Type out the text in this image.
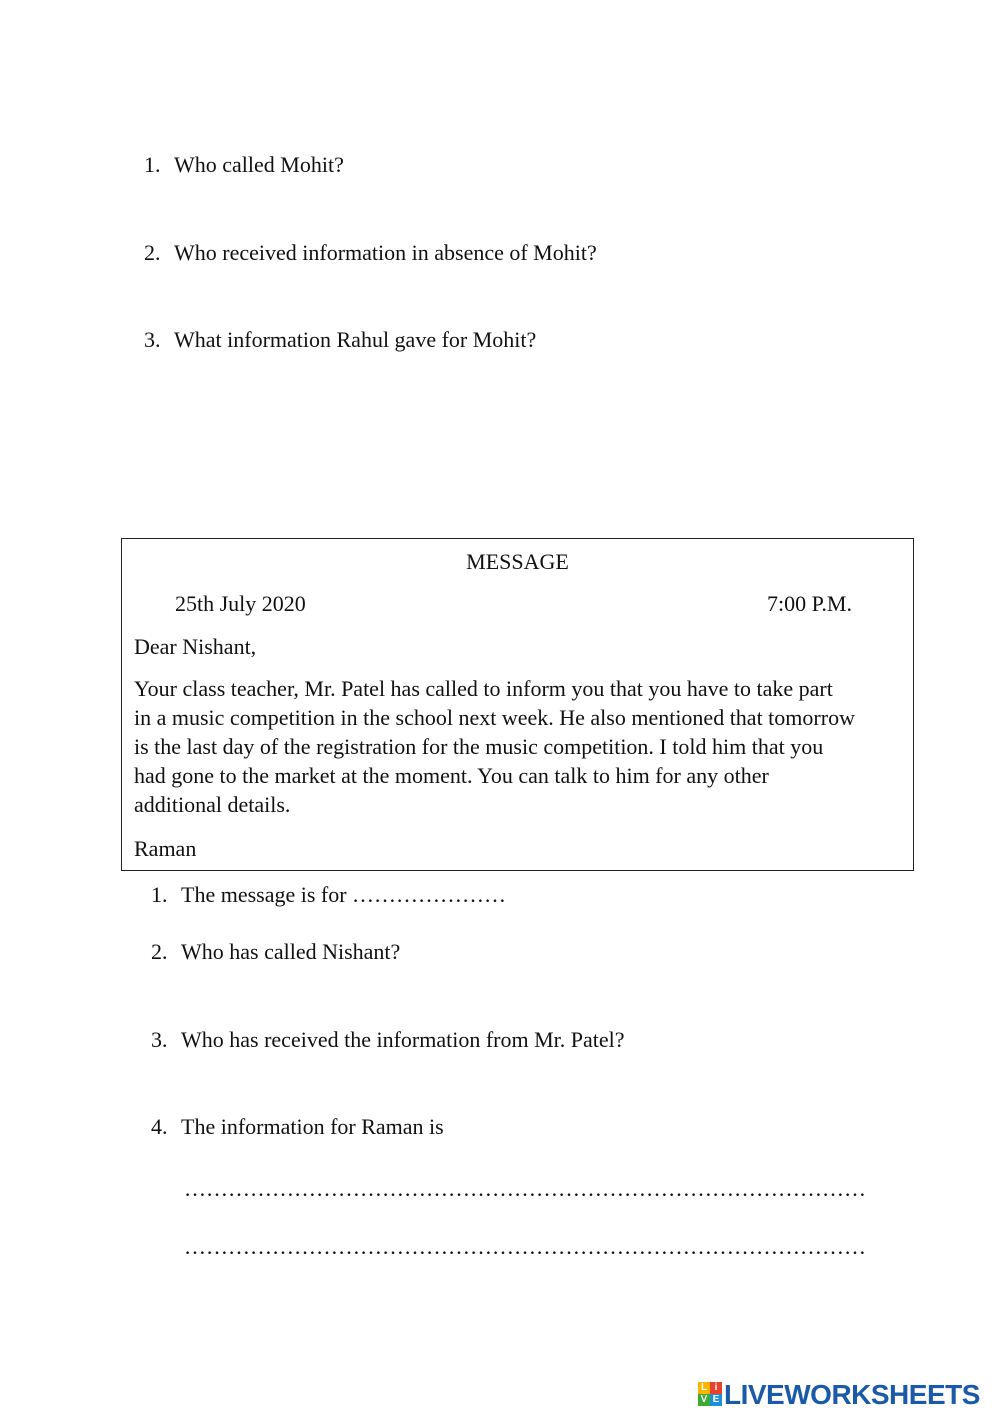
1. Who called Mohit?
2. Who received information in absence of Mohit?
3. What information Rahul gave for Mohit?
MESSAGE
25th July 2020	7:00 P.M.
Dear Nishant,
Your class teacher, Mr. Patel has called to inform you that you have to take part
in a music competition in the school next week. He also mentioned that tomorrow
is the last day of the registration for the music competition. I told him that you
had gone to the market at the moment. You can talk to him for any other
additional details.
Raman
1. The message is for …………………
2. Who has called Nishant?
3. Who has received the information from Mr. Patel?
4. The information for Raman is
…………………………………………………………………………………
…………………………………………………………………………………
L i
V E LIVEWORKSHEETS
